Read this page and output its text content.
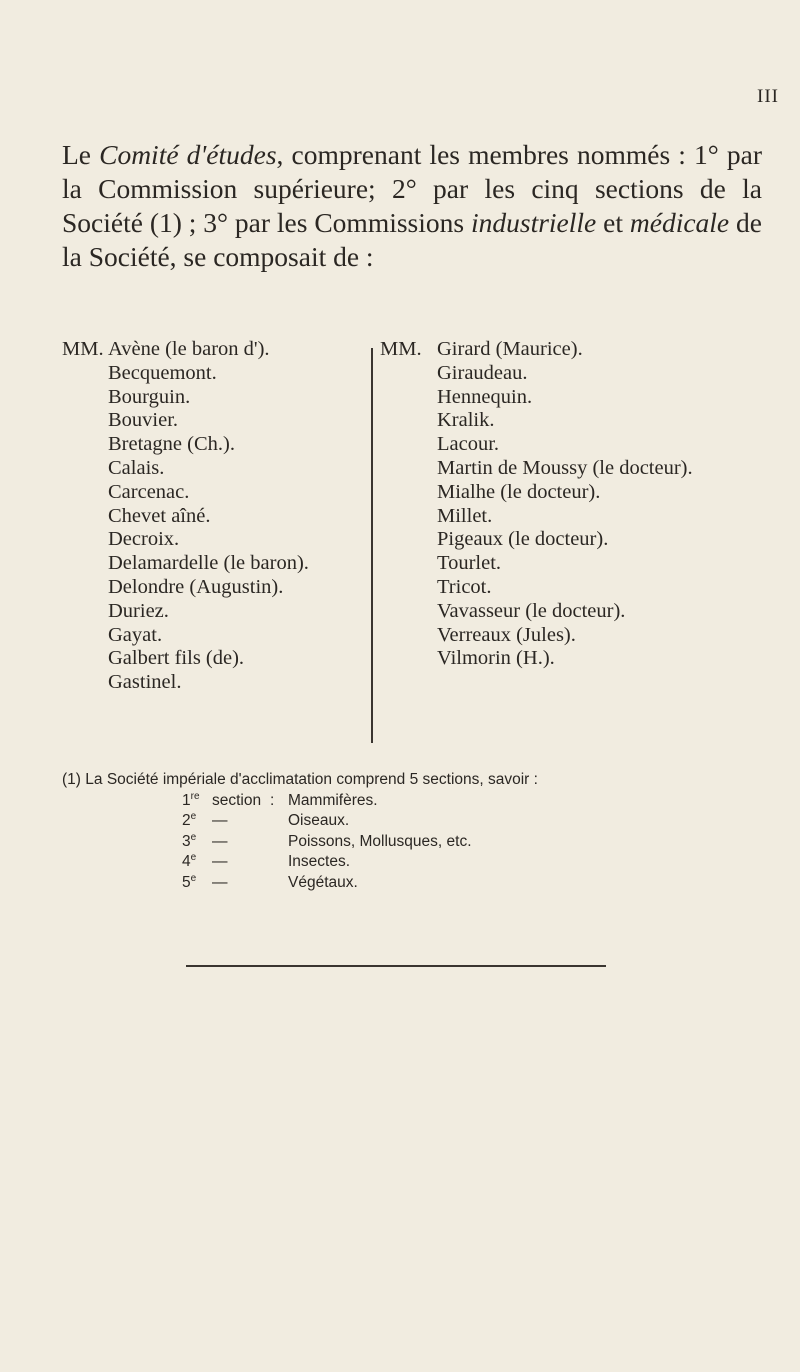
III
Le Comité d'études, comprenant les membres nommés : 1° par la Commission supérieure; 2° par les cinq sections de la Société (1) ; 3° par les Commissions industrielle et médicale de la Société, se composait de :
MM. Avène (le baron d').
Becquemont.
Bourguin.
Bouvier.
Bretagne (Ch.).
Calais.
Carcenac.
Chevet aîné.
Decroix.
Delamardelle (le baron).
Delondre (Augustin).
Duriez.
Gayat.
Galbert fils (de).
Gastinel.
MM. Girard (Maurice).
Giraudeau.
Hennequin.
Kralik.
Lacour.
Martin de Moussy (le docteur).
Mialhe (le docteur).
Millet.
Pigeaux (le docteur).
Tourlet.
Tricot.
Vavasseur (le docteur).
Verreaux (Jules).
Vilmorin (H.).
(1) La Société impériale d'acclimatation comprend 5 sections, savoir :
1re section : Mammifères.
2e —	Oiseaux.
3e —	Poissons, Mollusques, etc.
4e —	Insectes.
5e —	Végétaux.
